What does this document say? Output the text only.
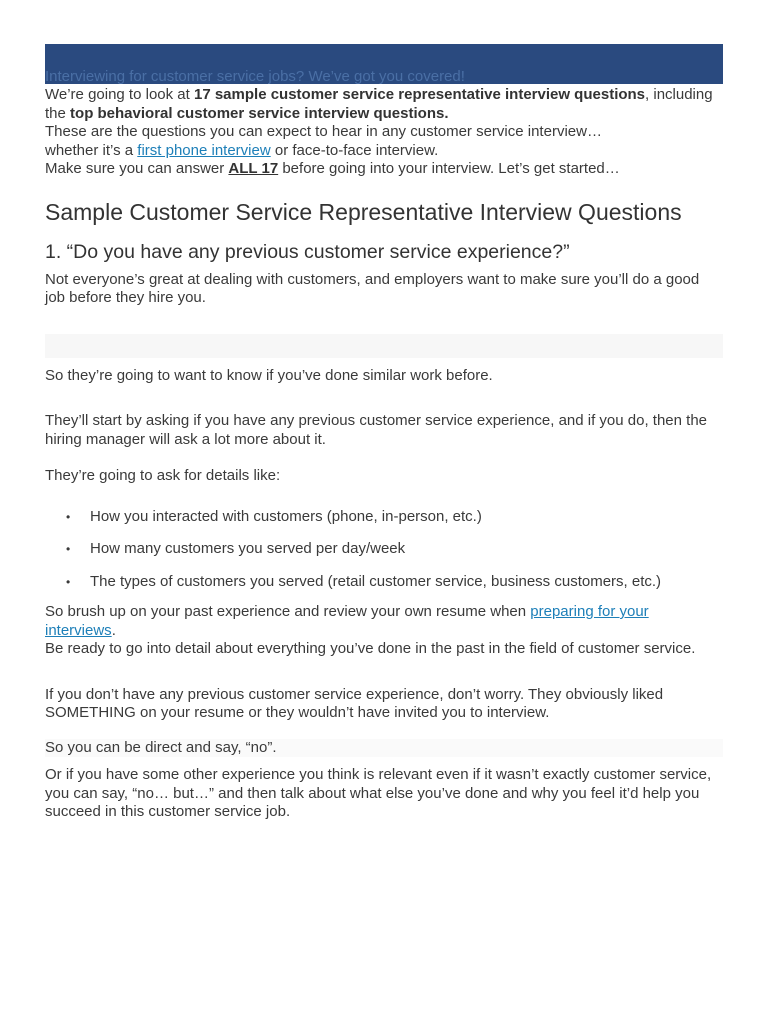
Interviewing for customer service jobs? We’ve got you covered!

We’re going to look at 17 sample customer service representative interview questions, including the top behavioral customer service interview questions.

These are the questions you can expect to hear in any customer service interview…

whether it’s a first phone interview or face-to-face interview.

Make sure you can answer ALL 17 before going into your interview. Let’s get started…

Sample Customer Service Representative Interview Questions
1. “Do you have any previous customer service experience?”

Not everyone’s great at dealing with customers, and employers want to make sure you’ll do a good job before they hire you.

So they’re going to want to know if you’ve done similar work before.

They’ll start by asking if you have any previous customer service experience, and if you do, then the hiring manager will ask a lot more about it.

They’re going to ask for details like:

• How you interacted with customers (phone, in-person, etc.)
• How many customers you served per day/week
• The types of customers you served (retail customer service, business customers, etc.)

So brush up on your past experience and review your own resume when preparing for your interviews.

Be ready to go into detail about everything you’ve done in the past in the field of customer service.

If you don’t have any previous customer service experience, don’t worry. They obviously liked SOMETHING on your resume or they wouldn’t have invited you to interview.

So you can be direct and say, “no”.

Or if you have some other experience you think is relevant even if it wasn’t exactly customer service, you can say, “no… but…” and then talk about what else you’ve done and why you feel it’d help you succeed in this customer service job.
